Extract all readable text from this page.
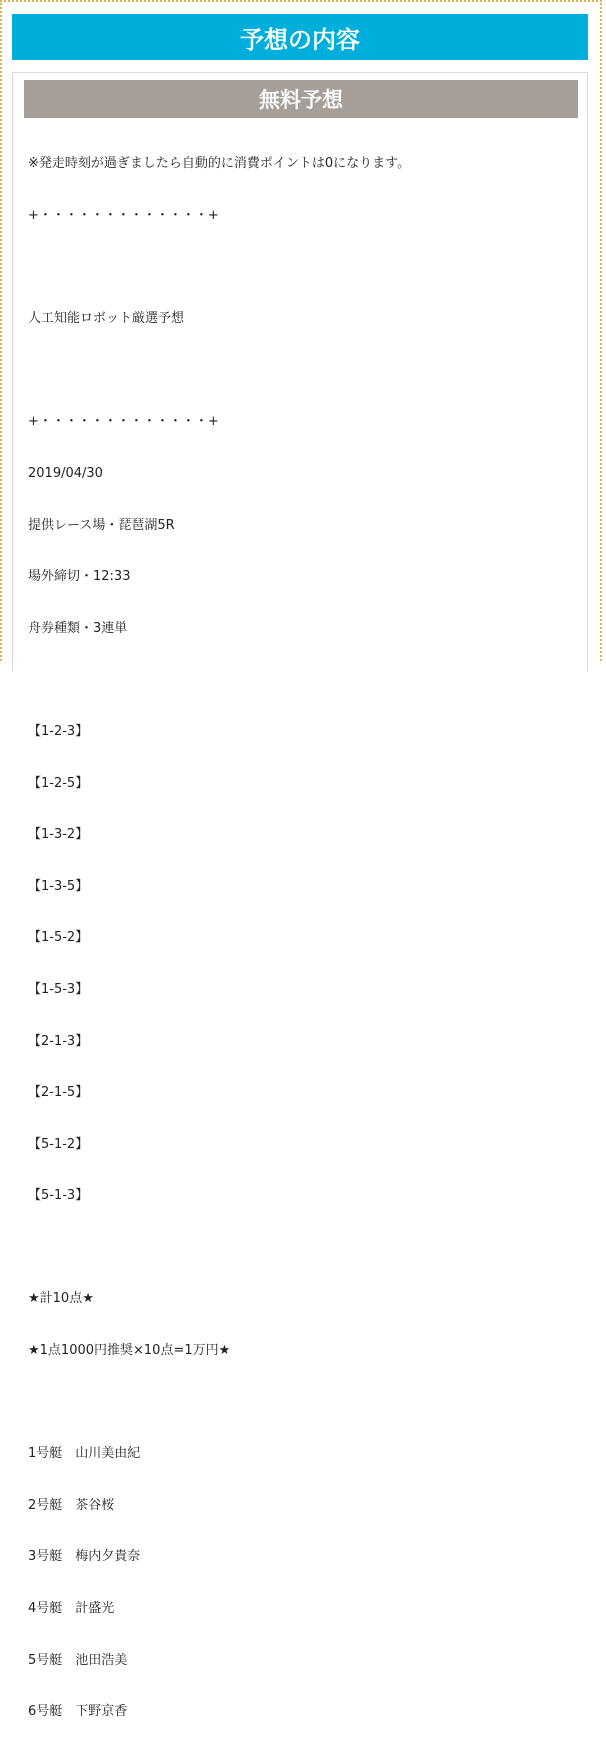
予想の内容
無料予想

※発走時刻が過ぎましたら自動的に消費ポイントは0になります。

+・・・・・・・・・・・・・+

人工知能ロボット厳選予想

+・・・・・・・・・・・・・+

2019/04/30

提供レース場・琵琶湖5R

場外締切・12:33

舟券種類・3連単

【1-2-3】

【1-2-5】

【1-3-2】

【1-3-5】

【1-5-2】

【1-5-3】

【2-1-3】

【2-1-5】

【5-1-2】

【5-1-3】

★計10点★

★1点1000円推奨×10点=1万円★

1号艇　山川美由紀

2号艇　茶谷桜

3号艇　梅内夕貴奈

4号艇　計盛光

5号艇　池田浩美

6号艇　下野京香
